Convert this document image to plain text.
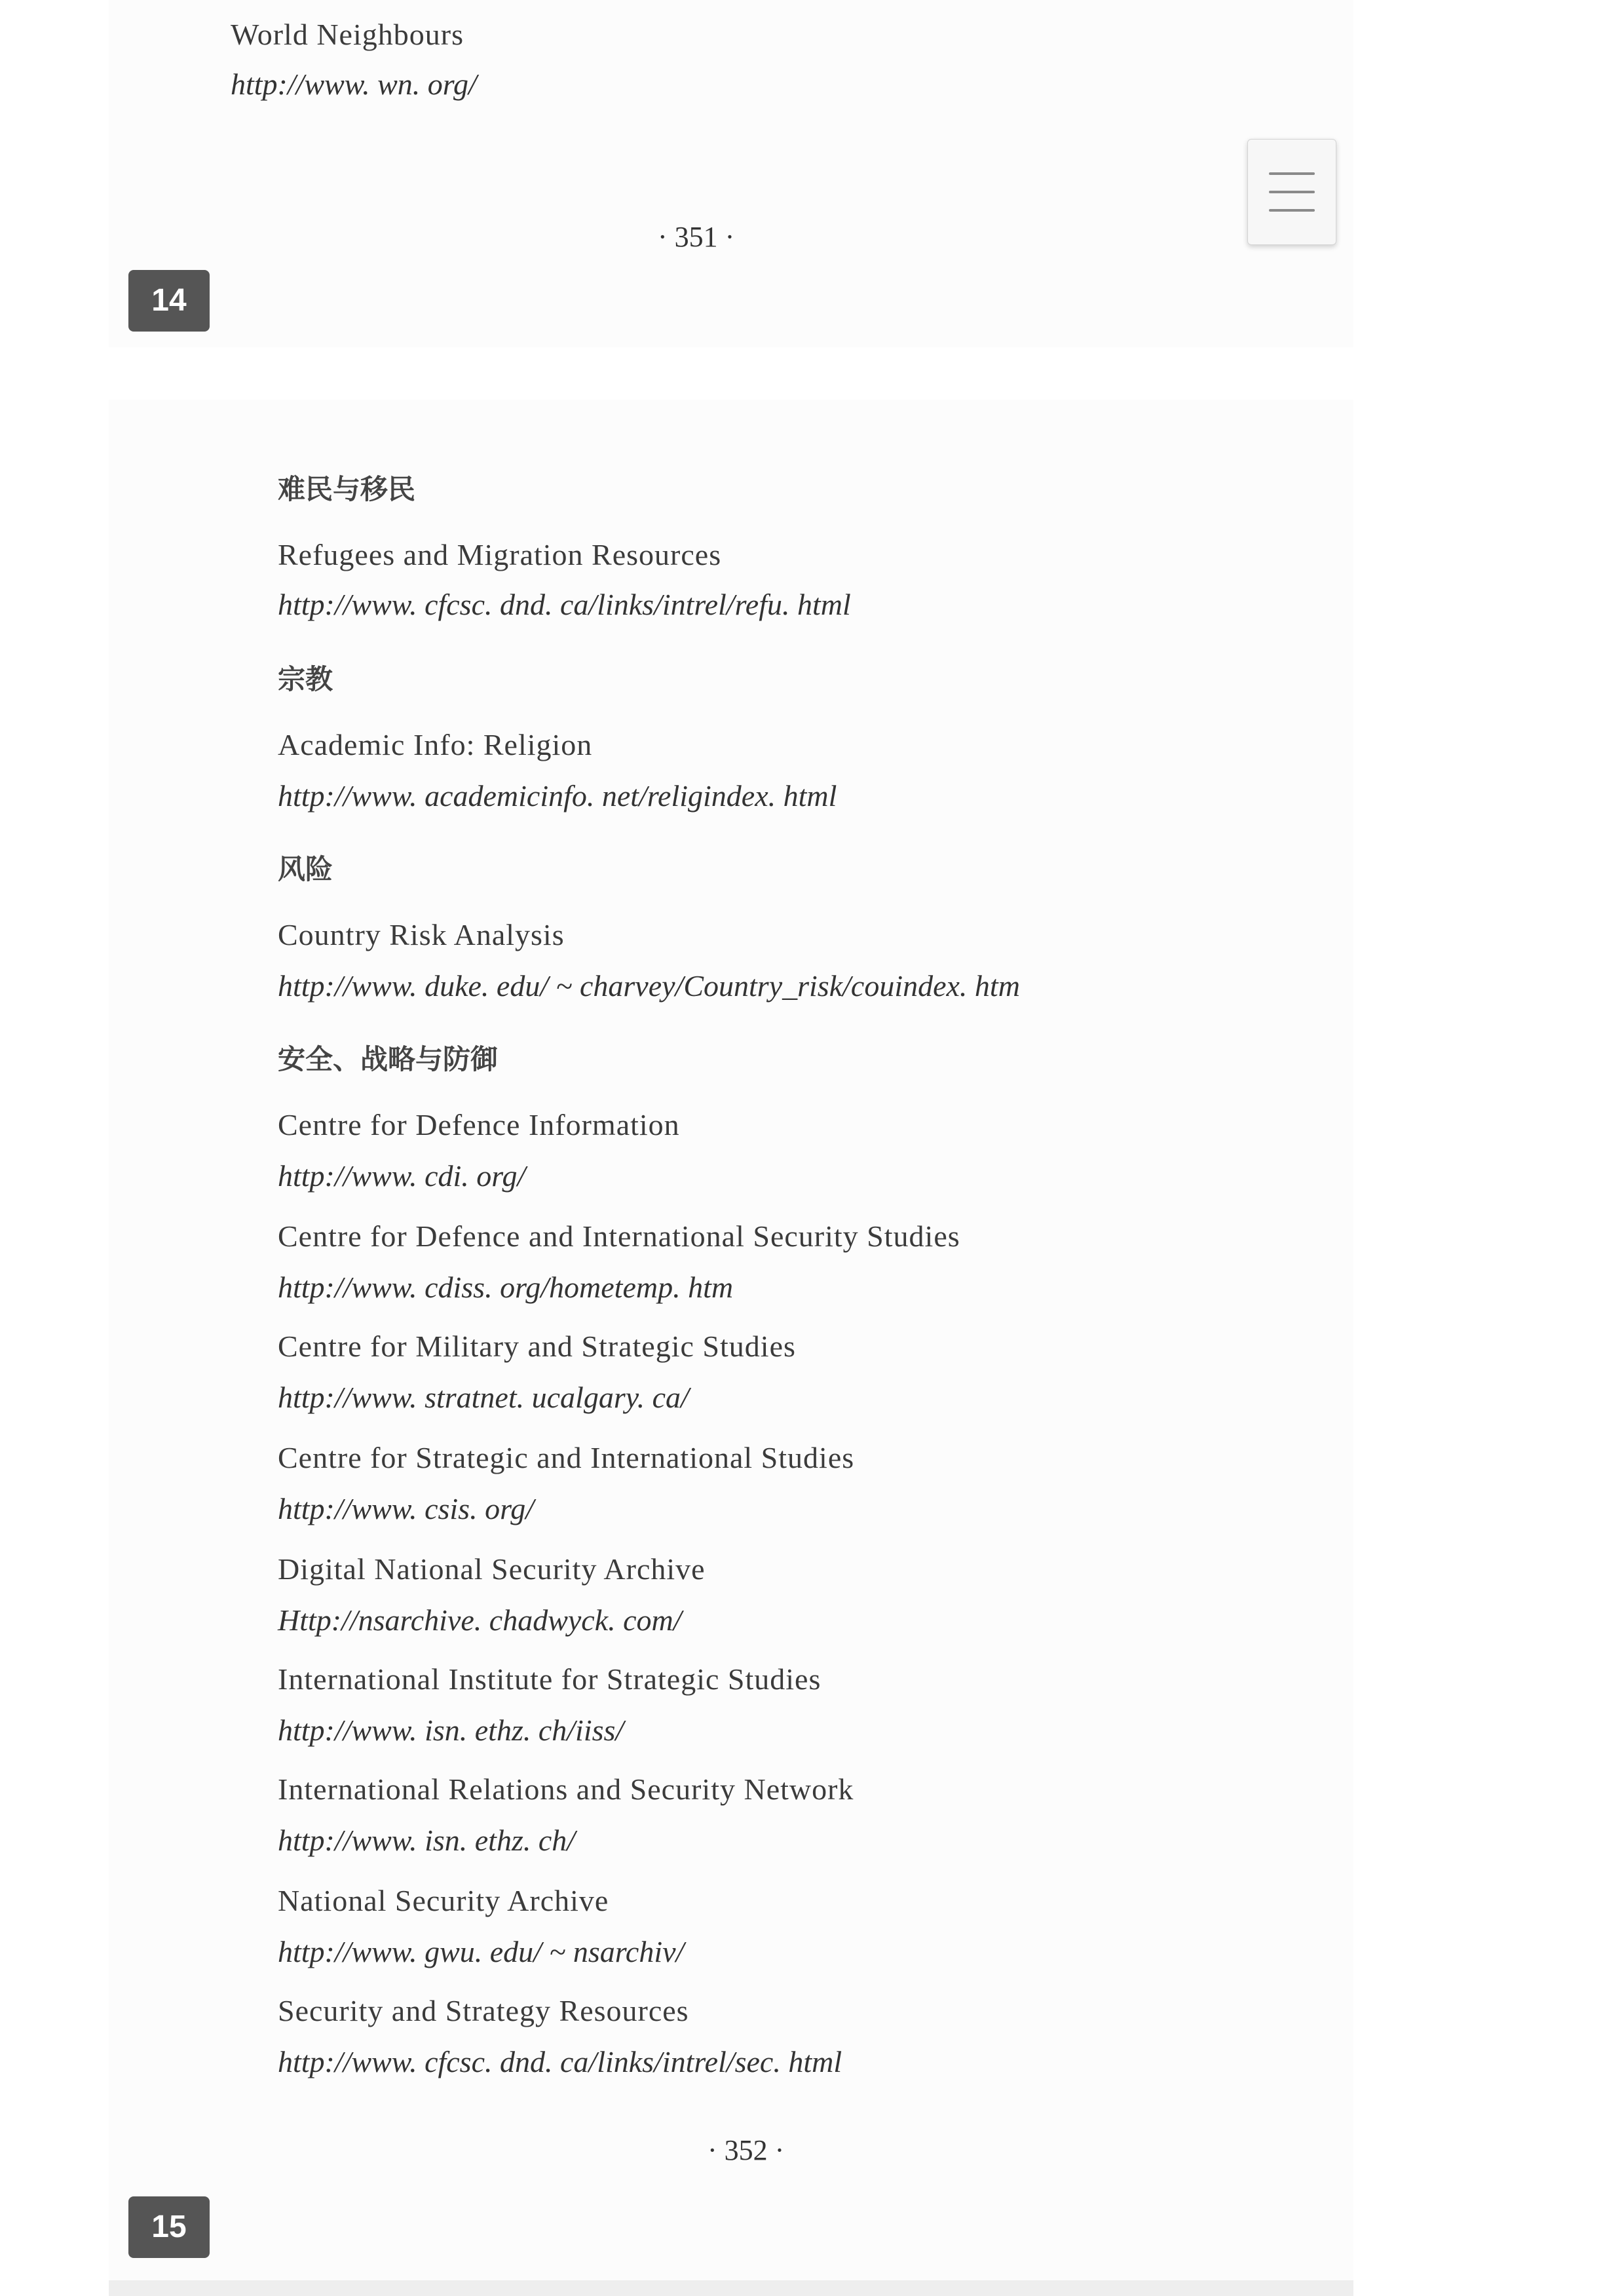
World Neighbours
http://www. wn. org/
· 351 ·
14
难民与移民
Refugees and Migration Resources
http://www. cfcsc. dnd. ca/links/intrel/refu. html
宗教
Academic Info: Religion
http://www. academicinfo. net/religindex. html
风险
Country Risk Analysis
http://www. duke. edu/ ~ charvey/Country_risk/couindex. htm
安全、战略与防御
Centre for Defence Information
http://www. cdi. org/
Centre for Defence and International Security Studies
http://www. cdiss. org/hometemp. htm
Centre for Military and Strategic Studies
http://www. stratnet. ucalgary. ca/
Centre for Strategic and International Studies
http://www. csis. org/
Digital National Security Archive
Http://nsarchive. chadwyck. com/
International Institute for Strategic Studies
http://www. isn. ethz. ch/iiss/
International Relations and Security Network
http://www. isn. ethz. ch/
National Security Archive
http://www. gwu. edu/ ~ nsarchiv/
Security and Strategy Resources
http://www. cfcsc. dnd. ca/links/intrel/sec. html
· 352 ·
15
